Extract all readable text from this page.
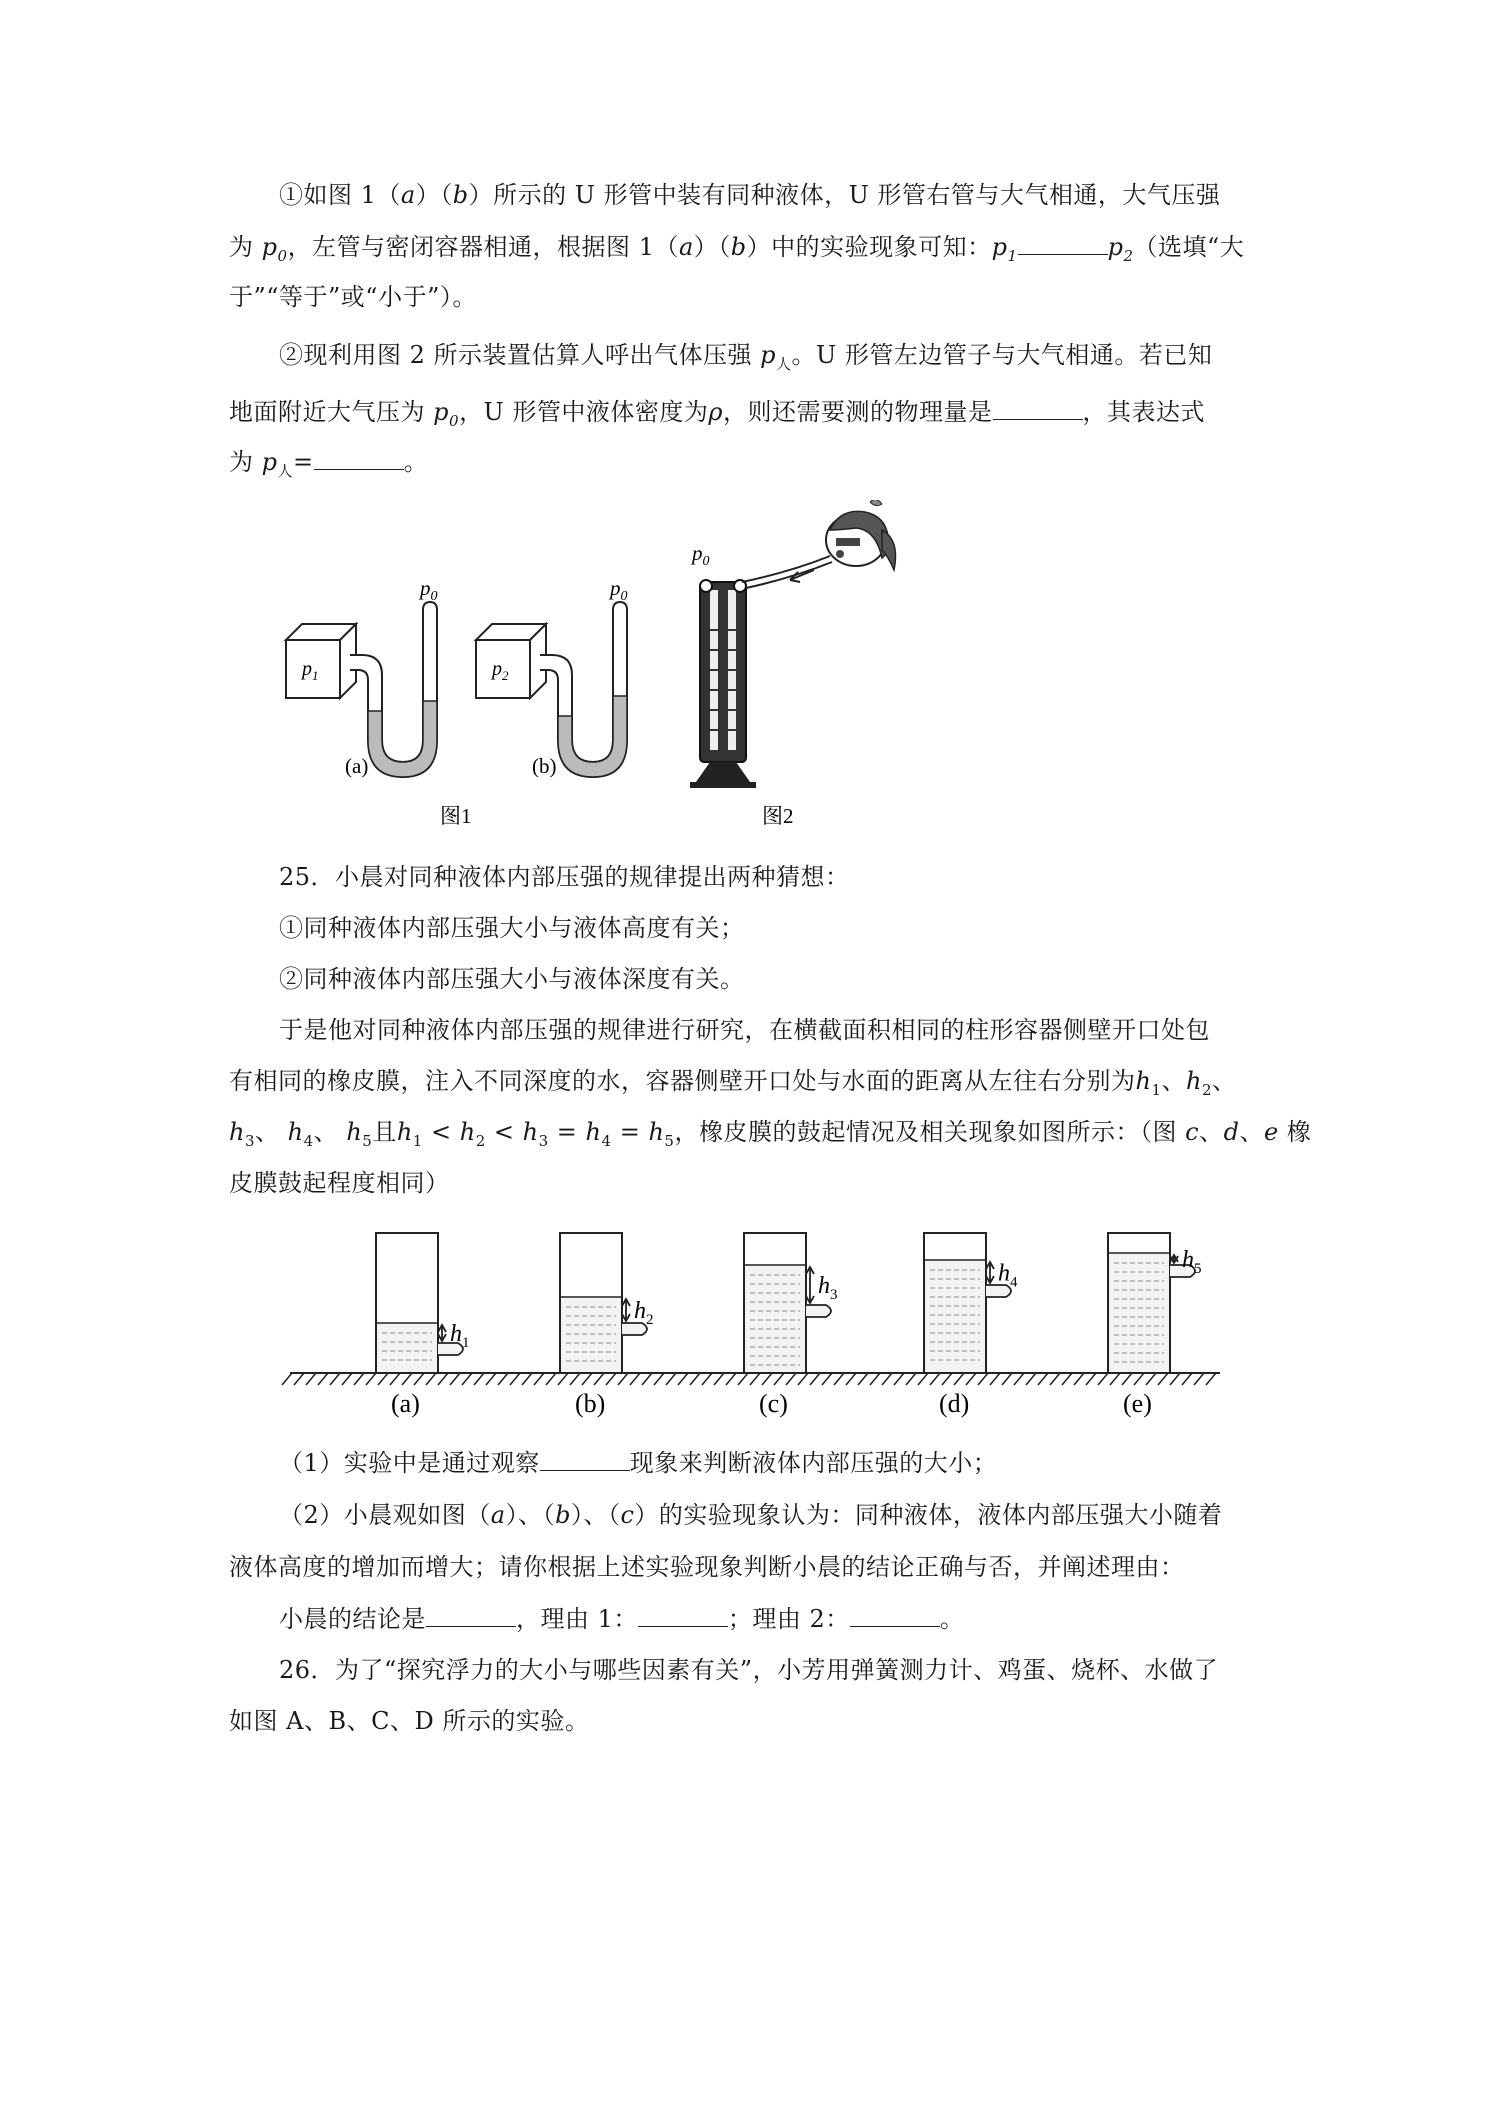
①如图 1（a）（b）所示的 U 形管中装有同种液体，U 形管右管与大气相通，大气压强
为 $p_0$，左管与密闭容器相通，根据图 1（a）（b）中的实验现象可知：$p_1$	$p_2$（选填“大
于”“等于”或“小于”）。
②现利用图 2 所示装置估算人呼出气体压强 $p_人$。U 形管左边管子与大气相通。若已知
地面附近大气压为 $p_0$，U 形管中液体密度为ρ，则还需要测的物理量是	，其表达式
为 $p_人=$	。
$p_1$
$p_0$
$p_2$
$p_0$
(a)	(b)
图1
$p_0$
图2
25．小晨对同种液体内部压强的规律提出两种猜想：
①同种液体内部压强大小与液体高度有关；
②同种液体内部压强大小与液体深度有关。
于是他对同种液体内部压强的规律进行研究，在横截面积相同的柱形容器侧壁开口处包
有相同的橡皮膜，注入不同深度的水，容器侧壁开口处与水面的距离从左往右分别为$h_1$、$h_2$、
$h_3$、 $h_4$、 $h_5$且$h_1 < h_2 < h_3 = h_4 = h_5$，橡皮膜的鼓起情况及相关现象如图所示：（图 c、d、e 橡
皮膜鼓起程度相同）
$h_1$
(a)
$h_2$
(b)
$h_3$
(c)
$h_4$
(d)
$h_5$
(e)
（1）实验中是通过观察	现象来判断液体内部压强的大小；
（2）小晨观如图（a）、（b）、（c）的实验现象认为：同种液体，液体内部压强大小随着
液体高度的增加而增大；请你根据上述实验现象判断小晨的结论正确与否，并阐述理由：
小晨的结论是	，理由 1：	；理由 2：	。
26．为了“探究浮力的大小与哪些因素有关”，小芳用弹簧测力计、鸡蛋、烧杯、水做了
如图 A、B、C、D 所示的实验。
